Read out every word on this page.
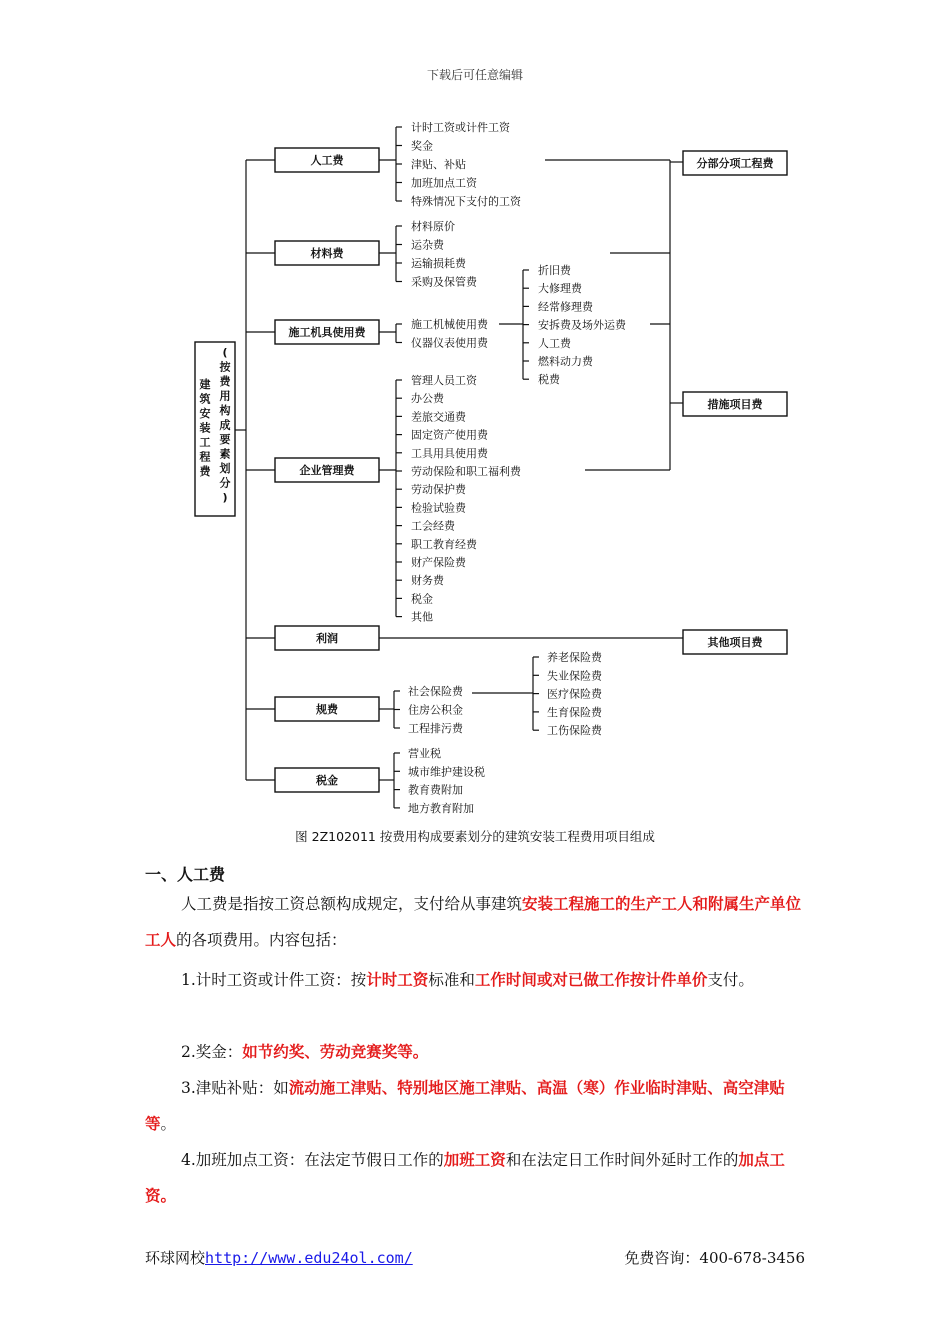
下载后可任意编辑
人工费
材料费
施工机具使用费
企业管理费
利润
规费
税金
计时工资或计件工资
奖金
津贴、补贴
加班加点工资
特殊情况下支付的工资
材料原价
运杂费
运输损耗费
采购及保管费
施工机械使用费
仪器仪表使用费
折旧费
大修理费
经常修理费
安拆费及场外运费
人工费
燃料动力费
税费
管理人员工资
办公费
差旅交通费
固定资产使用费
工具用具使用费
劳动保险和职工福利费
劳动保护费
检验试验费
工会经费
职工教育经费
财产保险费
财务费
税金
其他
社会保险费
住房公积金
工程排污费
养老保险费
失业保险费
医疗保险费
生育保险费
工伤保险费
营业税
城市维护建设税
教育费附加
地方教育附加
分部分项工程费
措施项目费
其他项目费
图 2Z102011 按费用构成要素划分的建筑安装工程费用项目组成
建
筑
安
装
工
程
费
(
按
费
用
构
成
要
素
划
分
)
一、人工费
人工费是指按工资总额构成规定，支付给从事建筑安装工程施工的生产工人和附属生产单位工人的各项费用。内容包括：
1.计时工资或计件工资：按计时工资标准和工作时间或对已做工作按计件单价支付。
2.奖金：如节约奖、劳动竞赛奖等。
3.津贴补贴：如流动施工津贴、特别地区施工津贴、高温（寒）作业临时津贴、高空津贴等。
4.加班加点工资：在法定节假日工作的加班工资和在法定日工作时间外延时工作的加点工资。
环球网校http://www.edu24ol.com/	免费咨询：400-678-3456
